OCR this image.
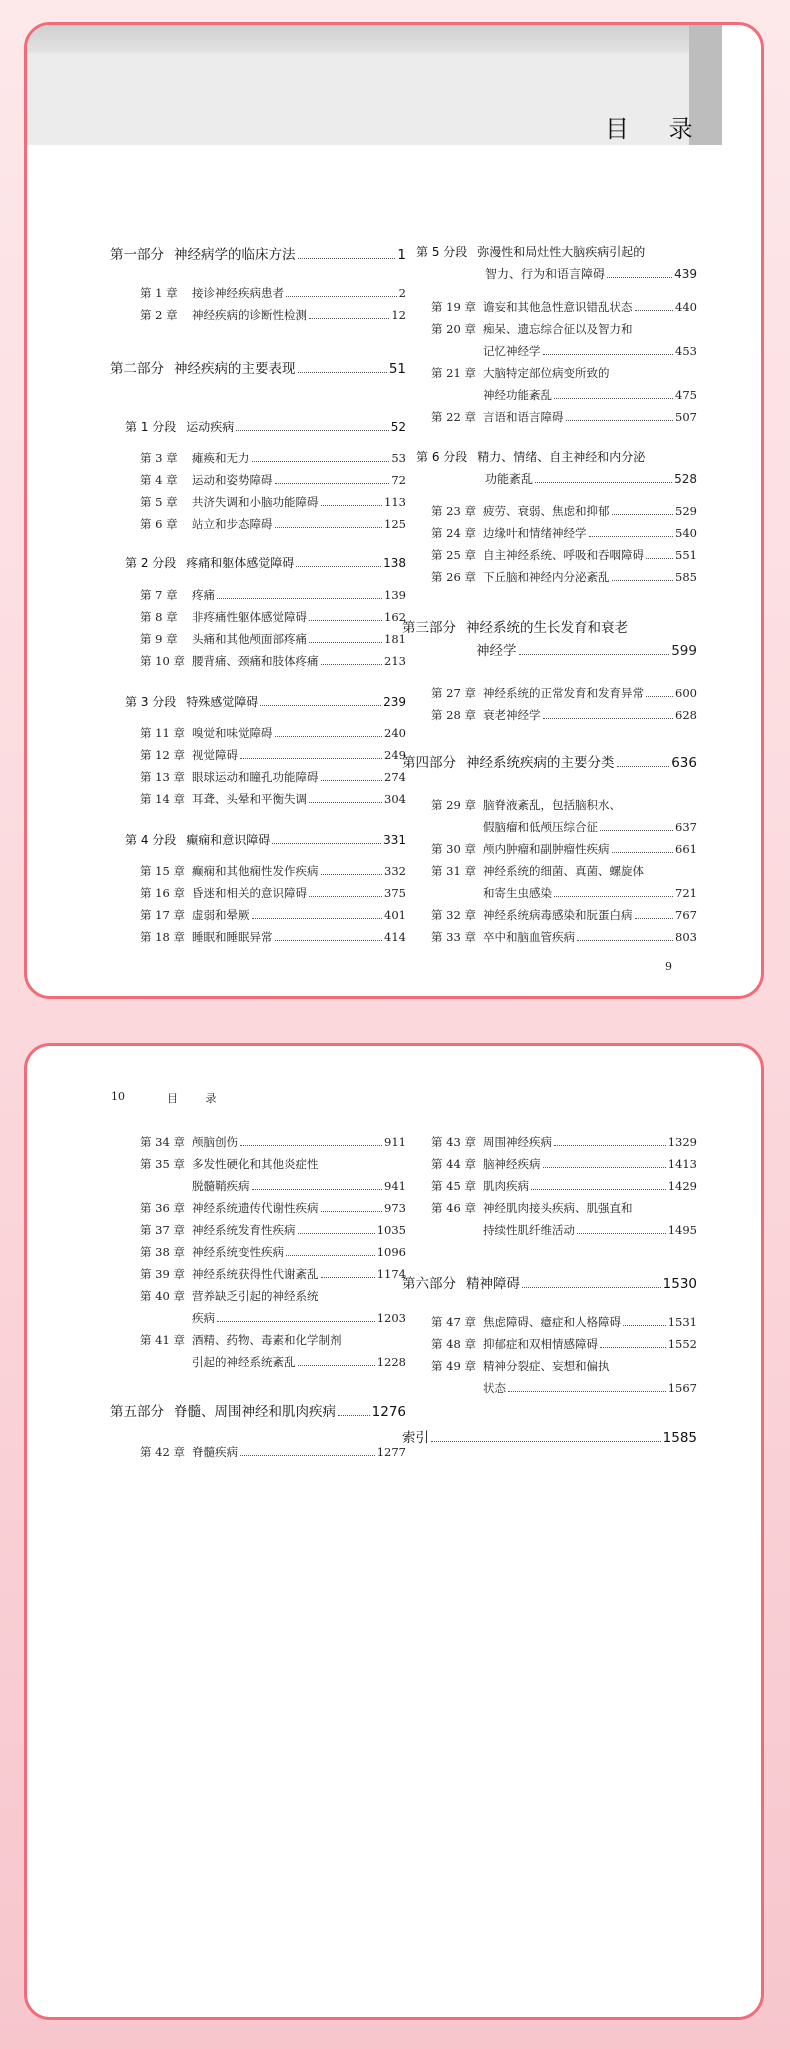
目 录
第一部分 神经病学的临床方法	1
第 1 章	接诊神经疾病患者	2
第 2 章	神经疾病的诊断性检测	12
第二部分 神经疾病的主要表现	51
第 1 分段 运动疾病	52
第 3 章	瘫痪和无力	53
第 4 章	运动和姿势障碍	72
第 5 章	共济失调和小脑功能障碍	113
第 6 章	站立和步态障碍	125
第 2 分段 疼痛和躯体感觉障碍	138
第 7 章	疼痛	139
第 8 章	非疼痛性躯体感觉障碍	162
第 9 章	头痛和其他颅面部疼痛	181
第 10 章 腰背痛、颈痛和肢体疼痛	213
第 3 分段 特殊感觉障碍	239
第 11 章 嗅觉和味觉障碍	240
第 12 章 视觉障碍	249
第 13 章 眼球运动和瞳孔功能障碍	274
第 14 章 耳聋、头晕和平衡失调	304
第 4 分段 癫痫和意识障碍	331
第 15 章 癫痫和其他痫性发作疾病	332
第 16 章 昏迷和相关的意识障碍	375
第 17 章 虚弱和晕厥	401
第 18 章 睡眠和睡眠异常	414
第 5 分段 弥漫性和局灶性大脑疾病引起的
智力、行为和语言障碍	439
第 19 章 谵妄和其他急性意识错乱状态	440
第 20 章 痴呆、遗忘综合征以及智力和
记忆神经学	453
第 21 章 大脑特定部位病变所致的
神经功能紊乱	475
第 22 章 言语和语言障碍	507
第 6 分段 精力、情绪、自主神经和内分泌
功能紊乱	528
第 23 章 疲劳、衰弱、焦虑和抑郁	529
第 24 章 边缘叶和情绪神经学	540
第 25 章 自主神经系统、呼吸和吞咽障碍	551
第 26 章 下丘脑和神经内分泌紊乱	585
第三部分 神经系统的生长发育和衰老
神经学	599
第 27 章 神经系统的正常发育和发育异常	600
第 28 章 衰老神经学	628
第四部分 神经系统疾病的主要分类	636
第 29 章 脑脊液紊乱，包括脑积水、
假脑瘤和低颅压综合征	637
第 30 章 颅内肿瘤和副肿瘤性疾病	661
第 31 章 神经系统的细菌、真菌、螺旋体
和寄生虫感染	721
第 32 章 神经系统病毒感染和朊蛋白病	767
第 33 章 卒中和脑血管疾病	803
9
10	目 录
第 34 章 颅脑创伤	911
第 35 章 多发性硬化和其他炎症性
脱髓鞘疾病	941
第 36 章 神经系统遗传代谢性疾病	973
第 37 章 神经系统发育性疾病	1035
第 38 章 神经系统变性疾病	1096
第 39 章 神经系统获得性代谢紊乱	1174
第 40 章 营养缺乏引起的神经系统
疾病	1203
第 41 章 酒精、药物、毒素和化学制剂
引起的神经系统紊乱	1228
第五部分 脊髓、周围神经和肌肉疾病	1276
第 42 章 脊髓疾病	1277
第 43 章 周围神经疾病	1329
第 44 章 脑神经疾病	1413
第 45 章 肌肉疾病	1429
第 46 章 神经肌肉接头疾病、肌强直和
持续性肌纤维活动	1495
第六部分 精神障碍	1530
第 47 章 焦虑障碍、癔症和人格障碍	1531
第 48 章 抑郁症和双相情感障碍	1552
第 49 章 精神分裂症、妄想和偏执
状态	1567
索引	1585
